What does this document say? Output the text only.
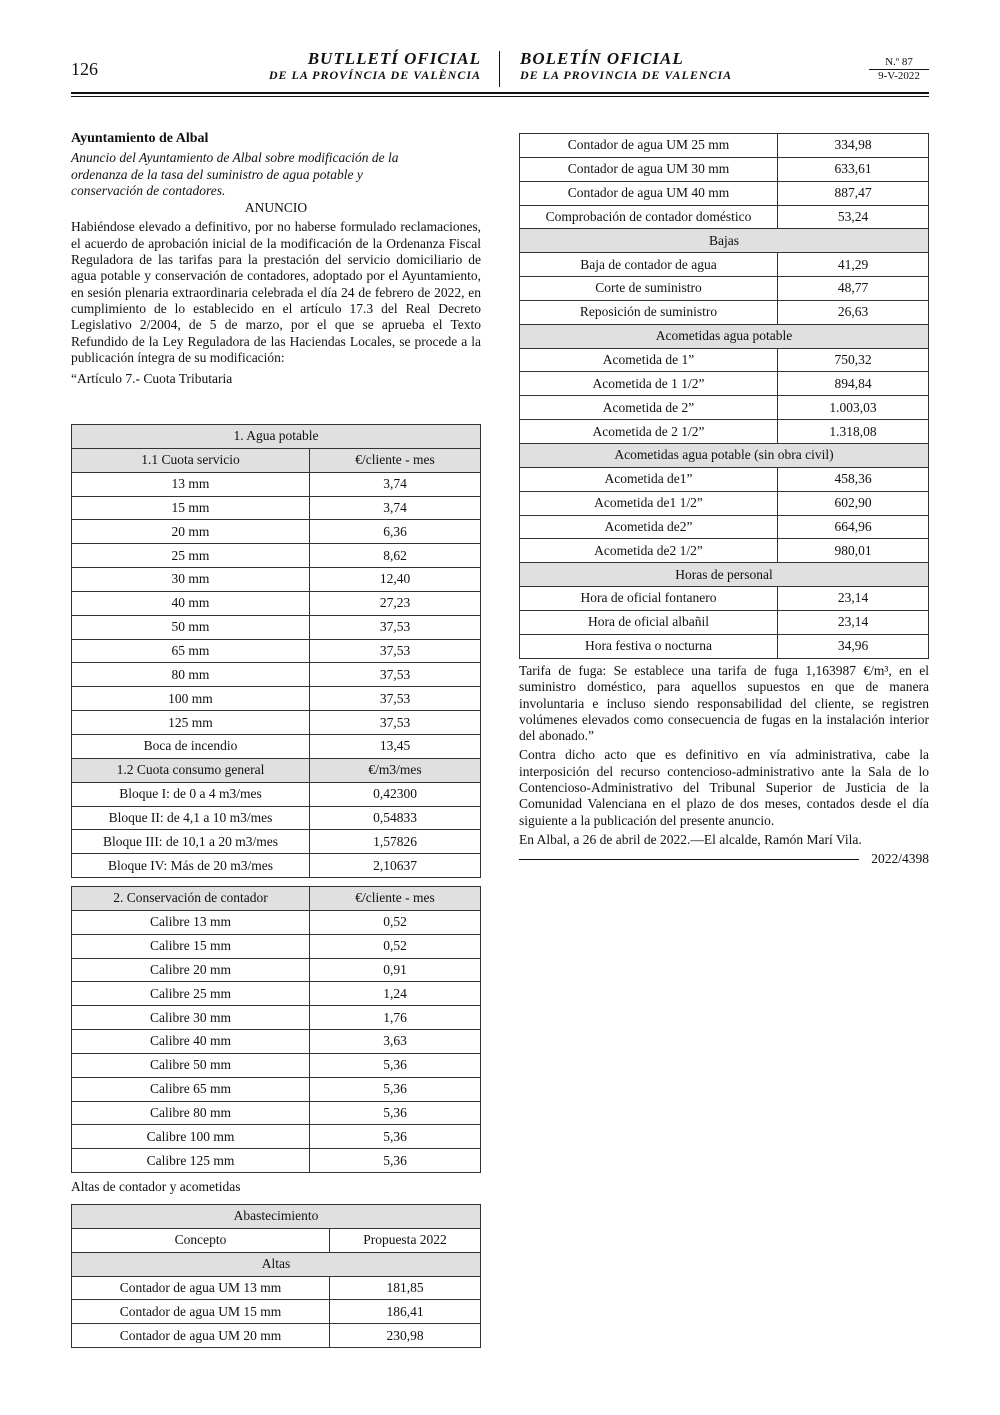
126
BUTLLETÍ OFICIAL
DE LA PROVÍNCIA DE VALÈNCIA
BOLETÍN OFICIAL
DE LA PROVINCIA DE VALENCIA
N.º 87
9-V-2022
Ayuntamiento de Albal
Anuncio del Ayuntamiento de Albal sobre modificación de la ordenanza de la tasa del suministro de agua potable y conservación de contadores.
ANUNCIO
Habiéndose elevado a definitivo, por no haberse formulado reclamaciones, el acuerdo de aprobación inicial de la modificación de la Ordenanza Fiscal Reguladora de las tarifas para la prestación del servicio domiciliario de agua potable y conservación de contadores, adoptado por el Ayuntamiento, en sesión plenaria extraordinaria celebrada el día 24 de febrero de 2022, en cumplimiento de lo establecido en el artículo 17.3 del Real Decreto Legislativo 2/2004, de 5 de marzo, por el que se aprueba el Texto Refundido de la Ley Reguladora de las Haciendas Locales, se procede a la publicación íntegra de su modificación:
“Artículo 7.- Cuota Tributaria
1. Agua potable	
1.1 Cuota servicio	€/cliente - mes
13 mm	3,74
15 mm	3,74
20 mm	6,36
25 mm	8,62
30 mm	12,40
40 mm	27,23
50 mm	37,53
65 mm	37,53
80 mm	37,53
100 mm	37,53
125 mm	37,53
Boca de incendio	13,45
1.2 Cuota consumo general	€/m3/mes
Bloque I: de 0 a 4 m3/mes	0,42300
Bloque II: de 4,1 a 10 m3/mes	0,54833
Bloque III: de 10,1 a 20 m3/mes	1,57826
Bloque IV: Más de 20 m3/mes	2,10637
2. Conservación de contador	€/cliente - mes
Calibre 13 mm	0,52
Calibre 15 mm	0,52
Calibre 20 mm	0,91
Calibre 25 mm	1,24
Calibre 30 mm	1,76
Calibre 40 mm	3,63
Calibre 50 mm	5,36
Calibre 65 mm	5,36
Calibre 80 mm	5,36
Calibre 100 mm	5,36
Calibre 125 mm	5,36
Altas de contador y acometidas
Abastecimiento	
Concepto	Propuesta 2022
Altas	
Contador de agua UM 13 mm	181,85
Contador de agua UM 15 mm	186,41
Contador de agua UM 20 mm	230,98
Contador de agua UM 25 mm	334,98
Contador de agua UM 30 mm	633,61
Contador de agua UM 40 mm	887,47
Comprobación de contador doméstico	53,24
Bajas	
Baja de contador de agua	41,29
Corte de suministro	48,77
Reposición de suministro	26,63
Acometidas agua potable	
Acometida de 1”	750,32
Acometida de 1 1/2”	894,84
Acometida de 2”	1.003,03
Acometida de 2 1/2”	1.318,08
Acometidas agua potable (sin obra civil)	
Acometida de1”	458,36
Acometida de1 1/2”	602,90
Acometida de2”	664,96
Acometida de2 1/2”	980,01
Horas de personal	
Hora de oficial fontanero	23,14
Hora de oficial albañil	23,14
Hora festiva o nocturna	34,96

Tarifa de fuga: Se establece una tarifa de fuga 1,163987 €/m³, en el suministro doméstico, para aquellos supuestos en que de manera involuntaria e incluso siendo responsabilidad del cliente, se registren volúmenes elevados como consecuencia de fugas en la instalación interior del abonado.”

Contra dicho acto que es definitivo en vía administrativa, cabe la interposición del recurso contencioso-administrativo ante la Sala de lo Contencioso-Administrativo del Tribunal Superior de Justicia de la Comunidad Valenciana en el plazo de dos meses, contados desde el día siguiente a la publicación del presente anuncio.

En Albal, a 26 de abril de 2022.—El alcalde, Ramón Marí Vila.

2022/4398
